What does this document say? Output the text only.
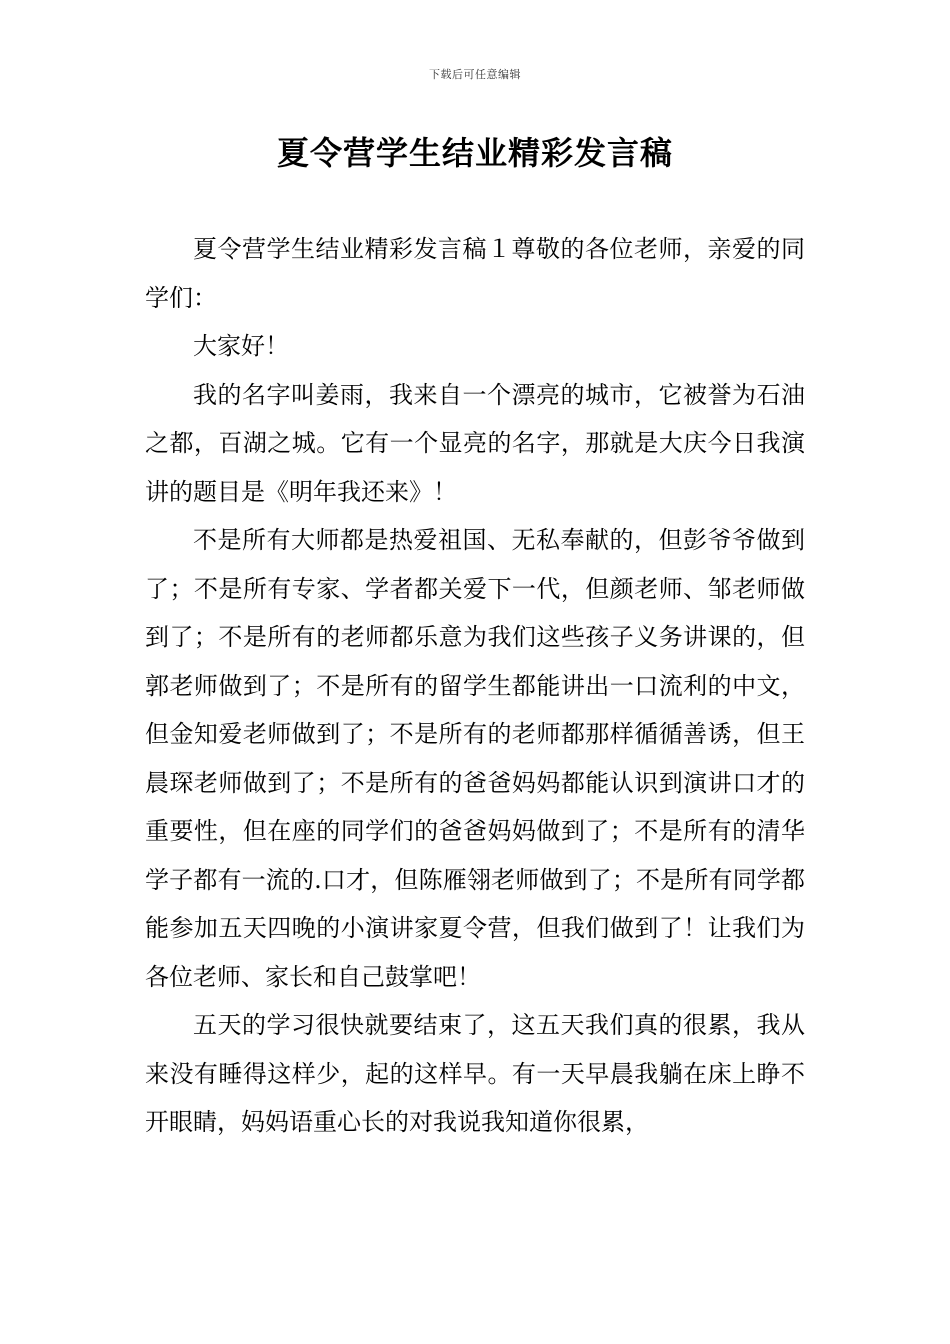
下载后可任意编辑
夏令营学生结业精彩发言稿

夏令营学生结业精彩发言稿１尊敬的各位老师，亲爱的同学们：

大家好！

我的名字叫姜雨，我来自一个漂亮的城市，它被誉为石油之都，百湖之城。它有一个显亮的名字，那就是大庆今日我演讲的题目是《明年我还来》！

不是所有大师都是热爱祖国、无私奉献的，但彭爷爷做到了；不是所有专家、学者都关爱下一代，但颜老师、邹老师做到了；不是所有的老师都乐意为我们这些孩子义务讲课的，但郭老师做到了；不是所有的留学生都能讲出一口流利的中文，但金知爱老师做到了；不是所有的老师都那样循循善诱，但王晨琛老师做到了；不是所有的爸爸妈妈都能认识到演讲口才的重要性，但在座的同学们的爸爸妈妈做到了；不是所有的清华学子都有一流的.口才，但陈雁翎老师做到了；不是所有同学都能参加五天四晚的小演讲家夏令营，但我们做到了！让我们为各位老师、家长和自己鼓掌吧！

五天的学习很快就要结束了，这五天我们真的很累，我从来没有睡得这样少，起的这样早。有一天早晨我躺在床上睁不开眼睛，妈妈语重心长的对我说我知道你很累，
